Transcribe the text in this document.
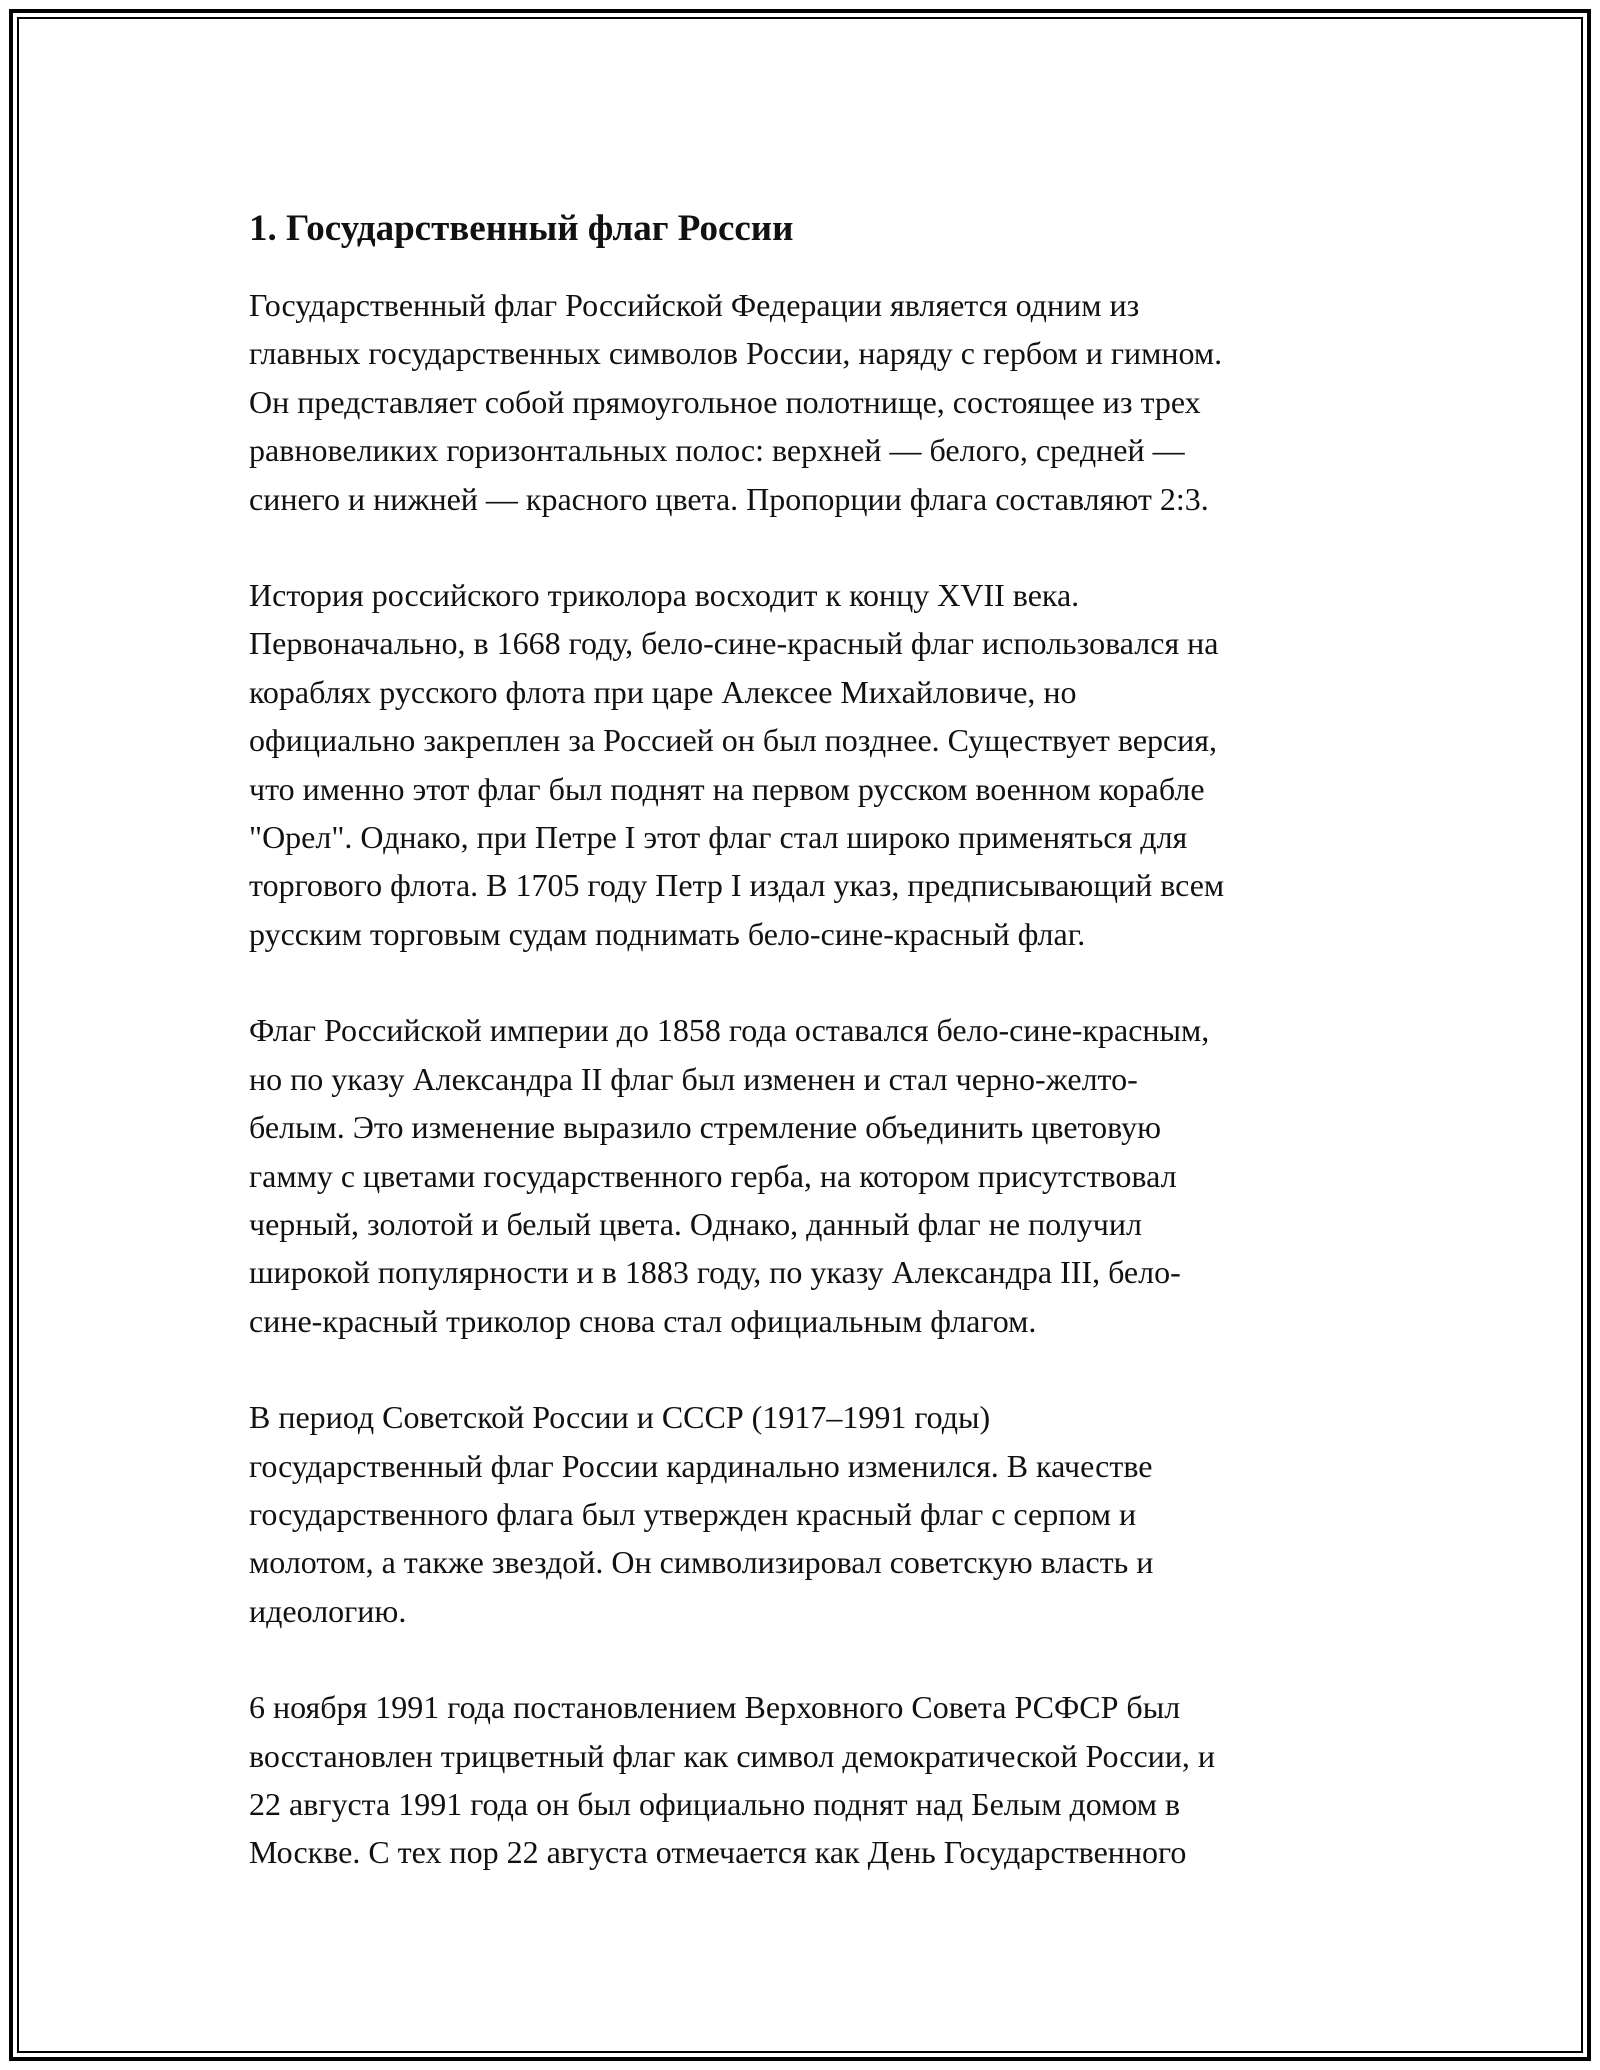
1. Государственный флаг России

Государственный флаг Российской Федерации является одним из
главных государственных символов России, наряду с гербом и гимном.
Он представляет собой прямоугольное полотнище, состоящее из трех
равновеликих горизонтальных полос: верхней — белого, средней —
синего и нижней — красного цвета. Пропорции флага составляют 2:3.

История российского триколора восходит к концу XVII века.
Первоначально, в 1668 году, бело-сине-красный флаг использовался на
кораблях русского флота при царе Алексее Михайловиче, но
официально закреплен за Россией он был позднее. Существует версия,
что именно этот флаг был поднят на первом русском военном корабле
"Орел". Однако, при Петре I этот флаг стал широко применяться для
торгового флота. В 1705 году Петр I издал указ, предписывающий всем
русским торговым судам поднимать бело-сине-красный флаг.

Флаг Российской империи до 1858 года оставался бело-сине-красным,
но по указу Александра II флаг был изменен и стал черно-желто-
белым. Это изменение выразило стремление объединить цветовую
гамму с цветами государственного герба, на котором присутствовал
черный, золотой и белый цвета. Однако, данный флаг не получил
широкой популярности и в 1883 году, по указу Александра III, бело-
сине-красный триколор снова стал официальным флагом.

В период Советской России и СССР (1917–1991 годы)
государственный флаг России кардинально изменился. В качестве
государственного флага был утвержден красный флаг с серпом и
молотом, а также звездой. Он символизировал советскую власть и
идеологию.

6 ноября 1991 года постановлением Верховного Совета РСФСР был
восстановлен трицветный флаг как символ демократической России, и
22 августа 1991 года он был официально поднят над Белым домом в
Москве. С тех пор 22 августа отмечается как День Государственного
